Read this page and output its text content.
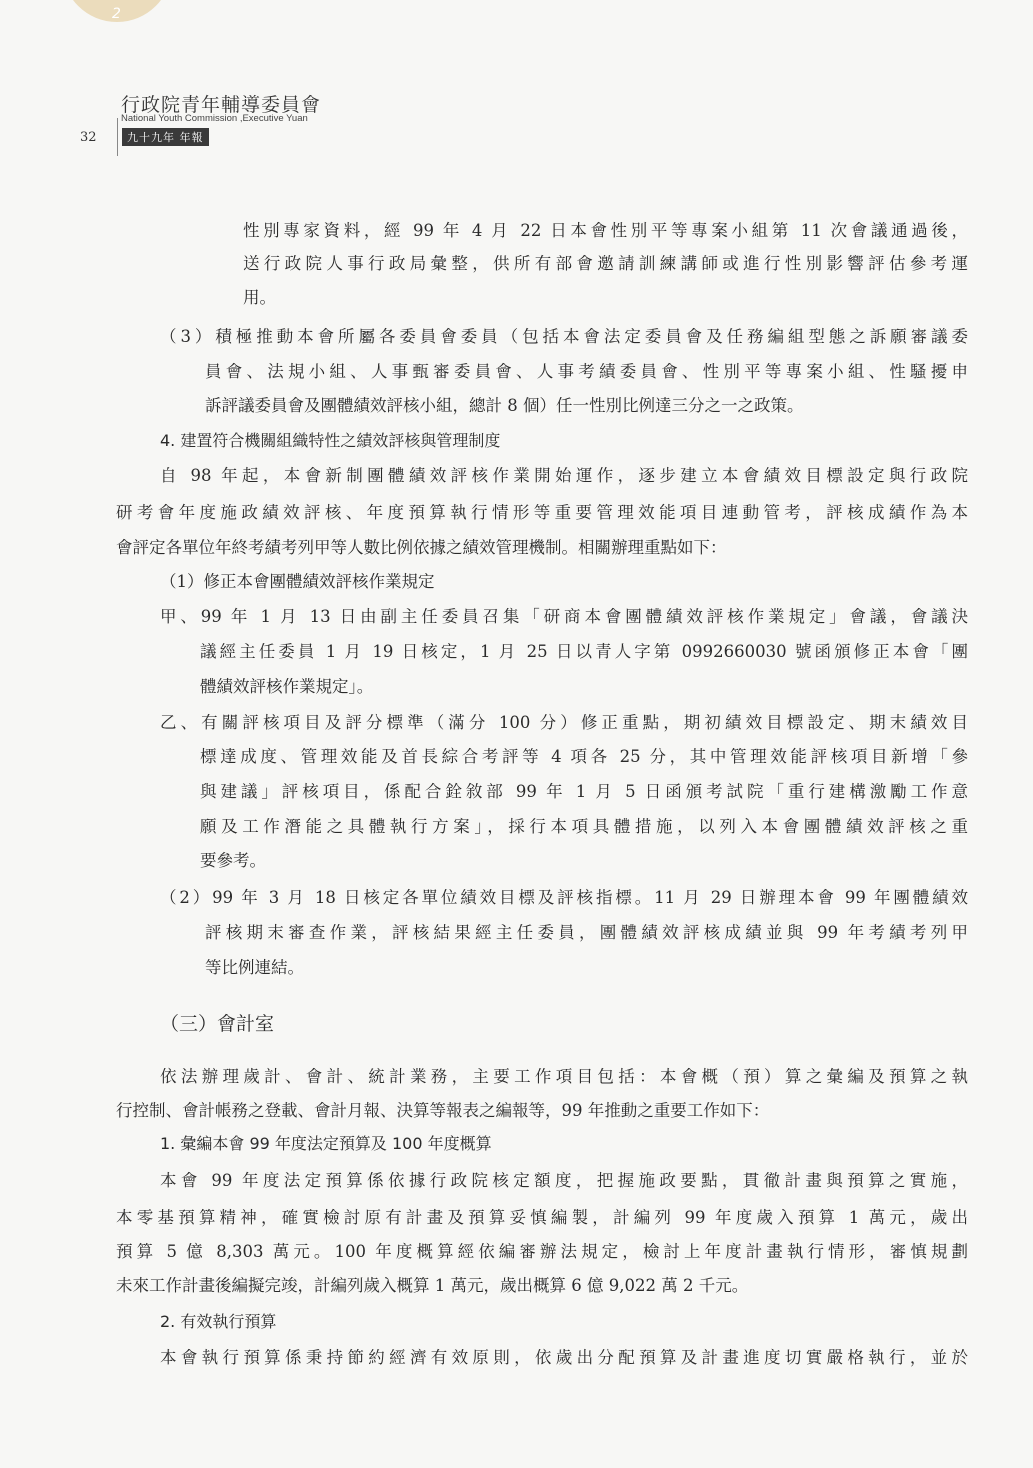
2
行政院青年輔導委員會
National Youth Commission ,Executive Yuan
九十九年 年報
32
性別專家資料，經 99 年 4 月 22 日本會性別平等專案小組第 11 次會議通過後，
送行政院人事行政局彙整，供所有部會邀請訓練講師或進行性別影響評估參考運
用。
（3）積極推動本會所屬各委員會委員（包括本會法定委員會及任務編組型態之訴願審議委
員會、法規小組、人事甄審委員會、人事考績委員會、性別平等專案小組、性騷擾申
訴評議委員會及團體績效評核小組，總計 8 個）任一性別比例達三分之一之政策。
4. 建置符合機關組織特性之績效評核與管理制度
自 98 年起，本會新制團體績效評核作業開始運作，逐步建立本會績效目標設定與行政院
研考會年度施政績效評核、年度預算執行情形等重要管理效能項目連動管考，評核成績作為本
會評定各單位年終考績考列甲等人數比例依據之績效管理機制。相關辦理重點如下：
（1）修正本會團體績效評核作業規定
甲、99 年 1 月 13 日由副主任委員召集「研商本會團體績效評核作業規定」會議，會議決
議經主任委員 1 月 19 日核定，1 月 25 日以青人字第 0992660030 號函頒修正本會「團
體績效評核作業規定」。
乙、有關評核項目及評分標準（滿分 100 分）修正重點，期初績效目標設定、期末績效目
標達成度、管理效能及首長綜合考評等 4 項各 25 分，其中管理效能評核項目新增「參
與建議」評核項目，係配合銓敘部 99 年 1 月 5 日函頒考試院「重行建構激勵工作意
願及工作潛能之具體執行方案」，採行本項具體措施，以列入本會團體績效評核之重
要參考。
（2）99 年 3 月 18 日核定各單位績效目標及評核指標。11 月 29 日辦理本會 99 年團體績效
評核期末審查作業，評核結果經主任委員，團體績效評核成績並與 99 年考績考列甲
等比例連結。
（三）會計室
依法辦理歲計、會計、統計業務，主要工作項目包括：本會概（預）算之彙編及預算之執
行控制、會計帳務之登載、會計月報、決算等報表之編報等，99 年推動之重要工作如下：
1. 彙編本會 99 年度法定預算及 100 年度概算
本會 99 年度法定預算係依據行政院核定額度，把握施政要點，貫徹計畫與預算之實施，
本零基預算精神，確實檢討原有計畫及預算妥慎編製，計編列 99 年度歲入預算 1 萬元，歲出
預算 5 億 8,303 萬元。100 年度概算經依編審辦法規定，檢討上年度計畫執行情形，審慎規劃
未來工作計畫後編擬完竣，計編列歲入概算 1 萬元，歲出概算 6 億 9,022 萬 2 千元。
2. 有效執行預算
本會執行預算係秉持節約經濟有效原則，依歲出分配預算及計畫進度切實嚴格執行，並於
